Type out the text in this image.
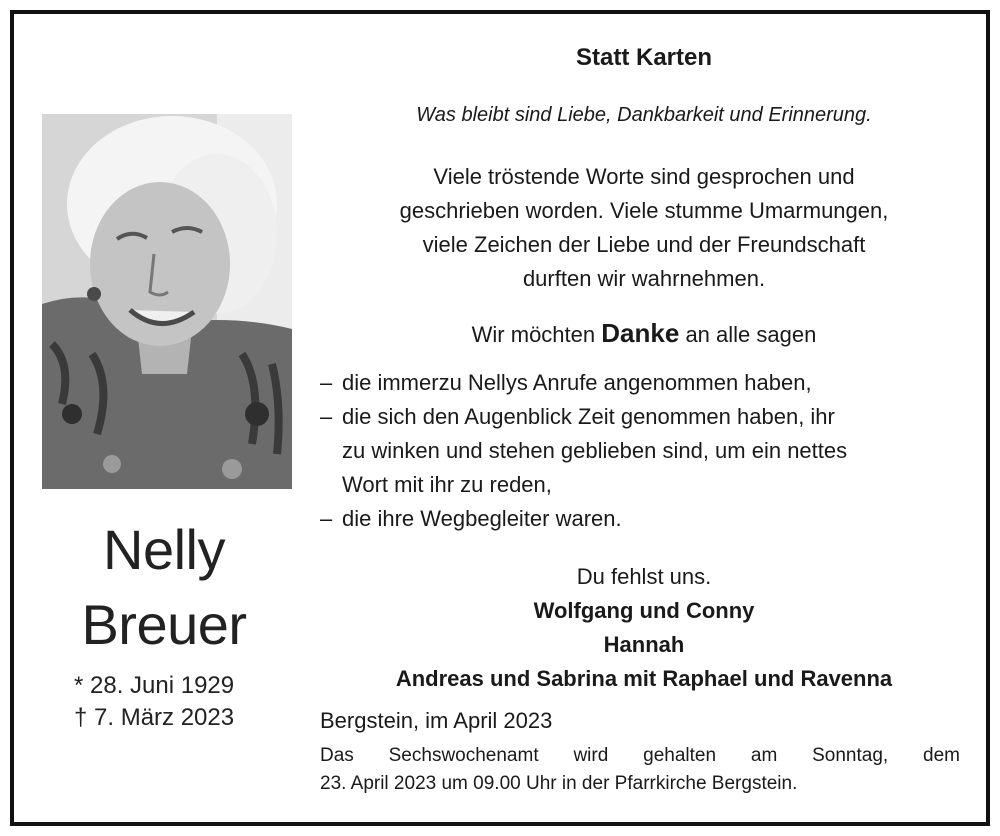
Nelly
Breuer
* 28. Juni 1929
† 7. März 2023
Statt Karten
Was bleibt sind Liebe, Dankbarkeit und Erinnerung.
Viele tröstende Worte sind gesprochen und
geschrieben worden. Viele stumme Umarmungen,
viele Zeichen der Liebe und der Freundschaft
durften wir wahrnehmen.
Wir möchten Danke an alle sagen
– die immerzu Nellys Anrufe angenommen haben,
– die sich den Augenblick Zeit genommen haben, ihr
zu winken und stehen geblieben sind, um ein nettes
Wort mit ihr zu reden,
– die ihre Wegbegleiter waren.
Du fehlst uns.
Wolfgang und Conny
Hannah
Andreas und Sabrina mit Raphael und Ravenna
Bergstein, im April 2023
Das Sechswochenamt wird gehalten am Sonntag, dem
23. April 2023 um 09.00 Uhr in der Pfarrkirche Bergstein.
